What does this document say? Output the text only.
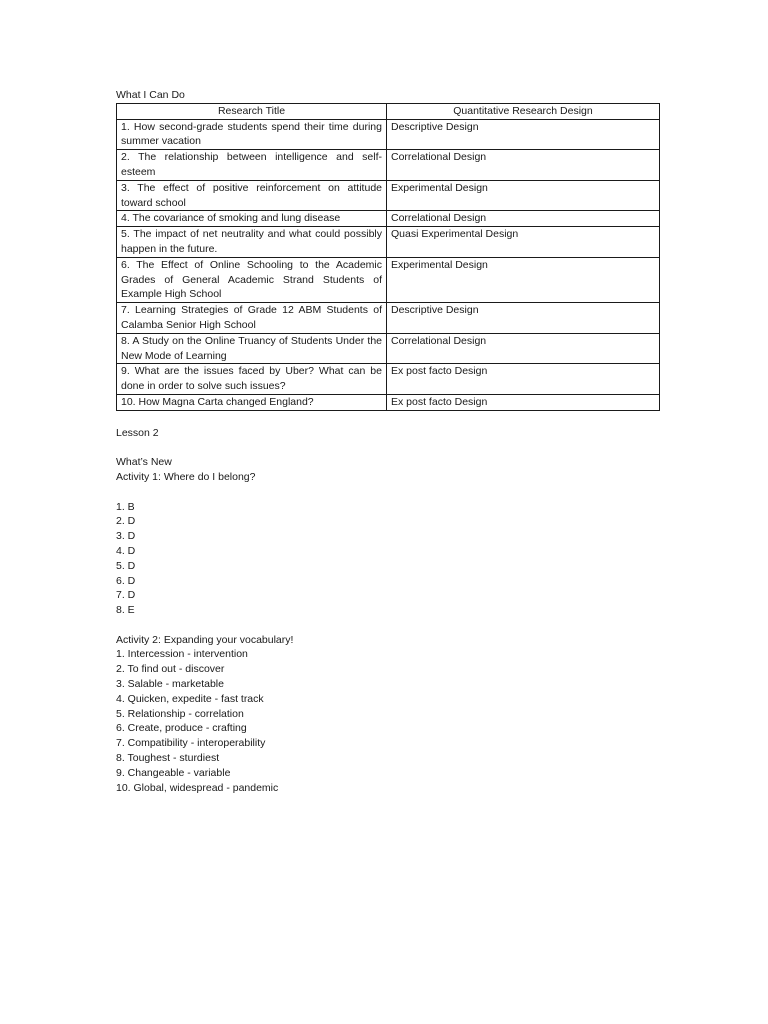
What I Can Do

Research Title	Quantitative Research Design
1. How second-grade students spend their time during summer vacation	Descriptive Design
2. The relationship between intelligence and self-esteem	Correlational Design
3. The effect of positive reinforcement on attitude toward school	Experimental Design
4. The covariance of smoking and lung disease	Correlational Design
5. The impact of net neutrality and what could possibly happen in the future.	Quasi Experimental Design
6. The Effect of Online Schooling to the Academic Grades of General Academic Strand Students of Example High School	Experimental Design
7. Learning Strategies of Grade 12 ABM Students of Calamba Senior High School	Descriptive Design
8. A Study on the Online Truancy of Students Under the New Mode of Learning	Correlational Design
9. What are the issues faced by Uber? What can be done in order to solve such issues?	Ex post facto Design
10. How Magna Carta changed England?	Ex post facto Design

Lesson 2

What’s New

Activity 1: Where do I belong?

1. B
2. D
3. D
4. D
5. D
6. D
7. D
8. E

Activity 2: Expanding your vocabulary!

1. Intercession - intervention
2. To find out - discover
3. Salable - marketable
4. Quicken, expedite - fast track
5. Relationship - correlation
6. Create, produce - crafting
7. Compatibility - interoperability
8. Toughest - sturdiest
9. Changeable - variable
10. Global, widespread - pandemic
